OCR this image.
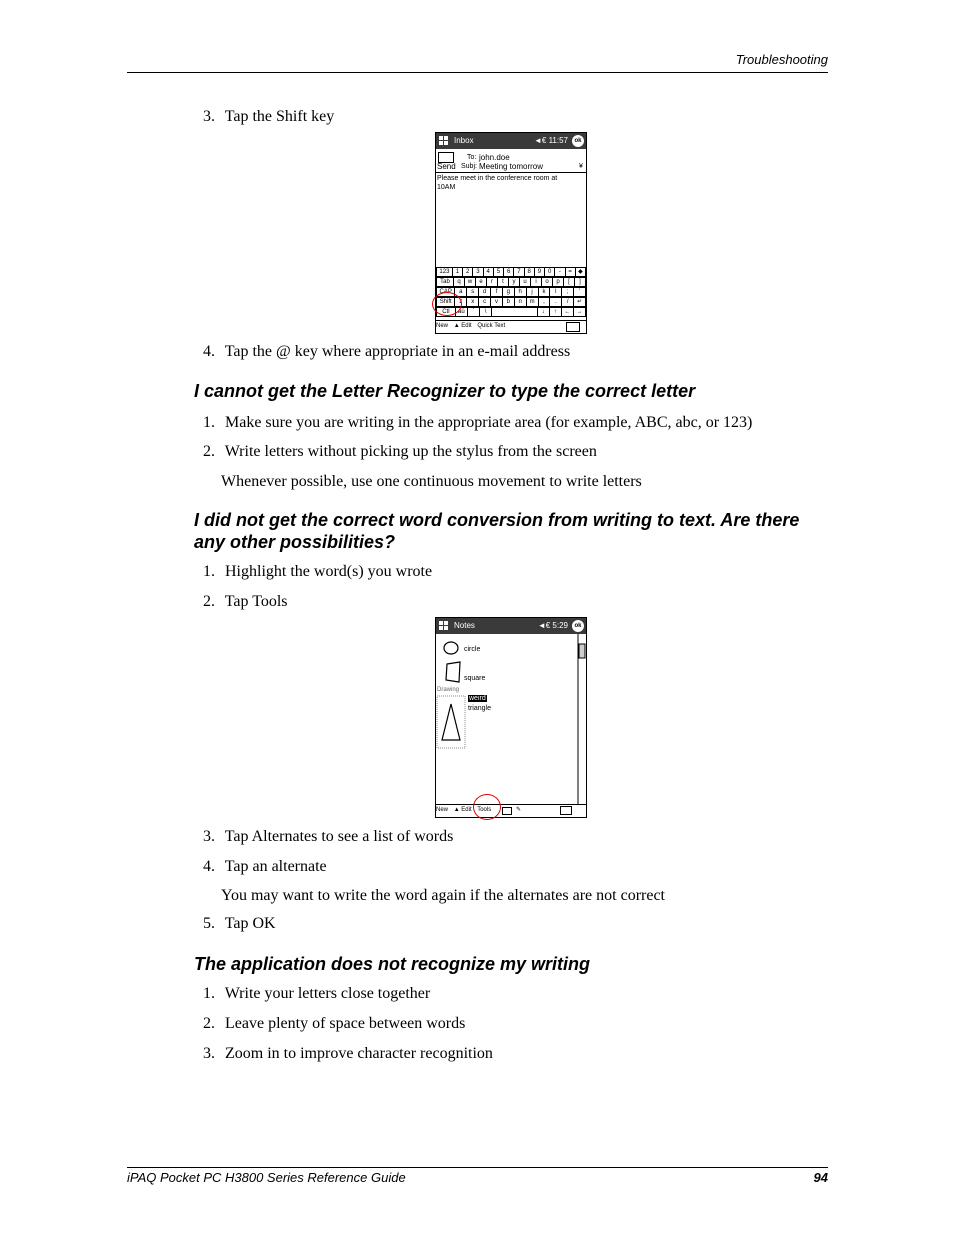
Troubleshooting
3. Tap the Shift key
Inbox	◄€ 11:57	ok
Send
To: john.doe
Subj: Meeting tomorrow	¥
Please meet in the conference room at 10AM
123	1	2	3	4	5	6	7	8	9	0	-	=	◆
Tab	q	w	e	r	t	y	u	i	o	p	[	]
CAP	a	s	d	f	g	h	j	k	l	;	'
Shift	z	x	c	v	b	n	m	,	.	/	↵
Ctl	áü	`	\	↓	↑	←	→
New ▲ Edit Quick Text
4. Tap the @ key where appropriate in an e-mail address
I cannot get the Letter Recognizer to type the correct letter
1. Make sure you are writing in the appropriate area (for example, ABC, abc, or 123)
2. Write letters without picking up the stylus from the screen
Whenever possible, use one continuous movement to write letters
I did not get the correct word conversion from writing to text. Are there any other possibilities?
1. Highlight the word(s) you wrote
2. Tap Tools
Notes	◄€ 5:29	ok
circle
square
Drawing
weird
triangle
New ▲ Edit Tools	✎
3. Tap Alternates to see a list of words
4. Tap an alternate
You may want to write the word again if the alternates are not correct
5. Tap OK
The application does not recognize my writing
1. Write your letters close together
2. Leave plenty of space between words
3. Zoom in to improve character recognition
iPAQ Pocket PC H3800 Series Reference Guide	94
